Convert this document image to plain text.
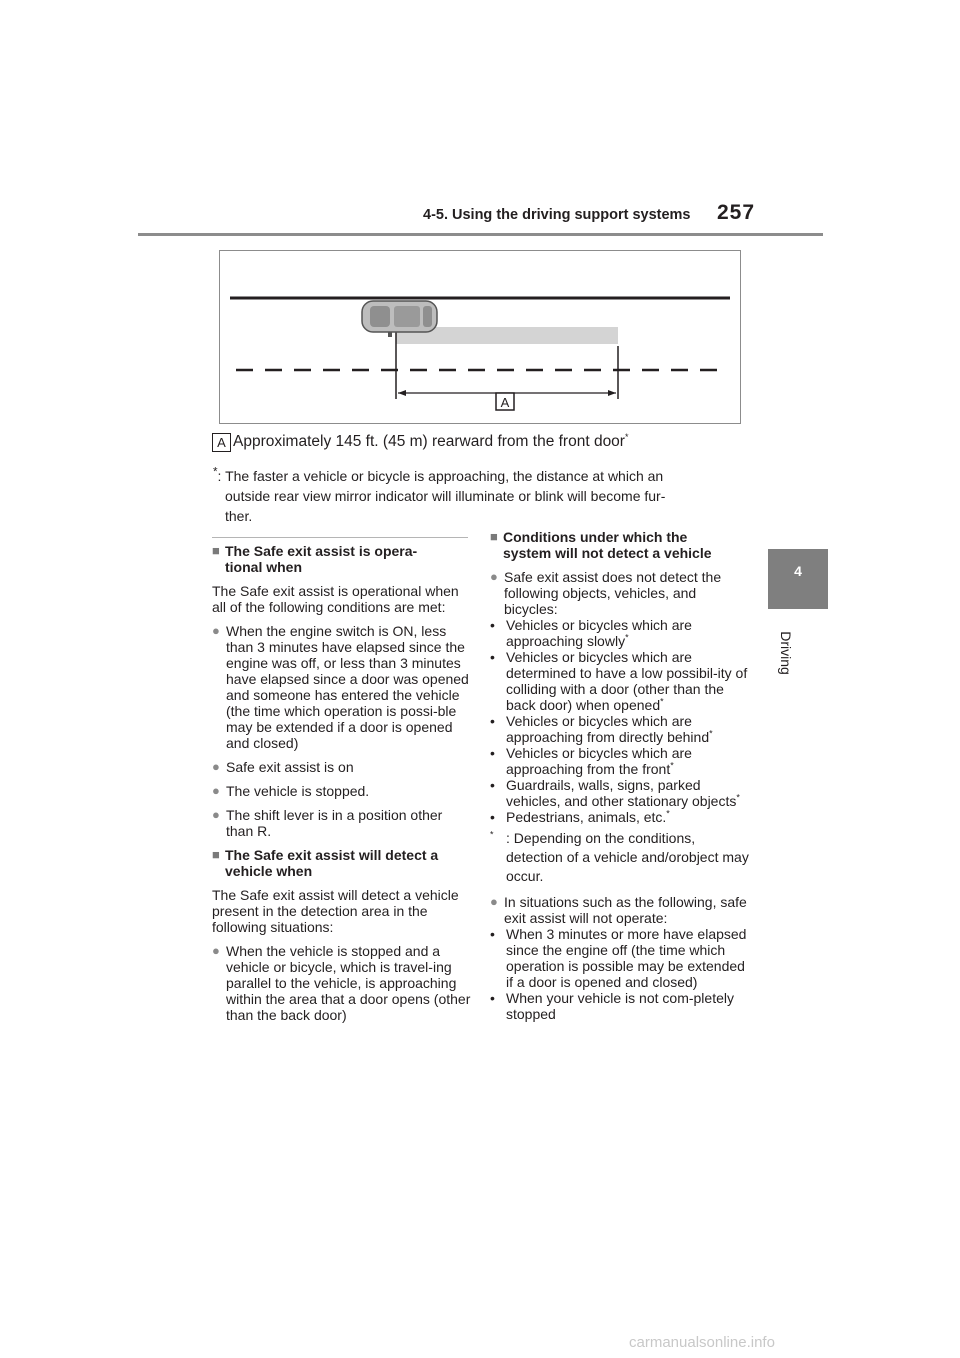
4-5. Using the driving support systems 257
4
Driving
A
A Approximately 145 ft. (45 m) rearward from the front door*
*: The faster a vehicle or bicycle is approaching, the distance at which an
outside rear view mirror indicator will illuminate or blink will become fur-
ther.
■ The Safe exit assist is opera-
tional when
The Safe exit assist is operational when all of the following conditions are met:
● When the engine switch is ON, less than 3 minutes have elapsed since the engine was off, or less than 3 minutes have elapsed since a door was opened and someone has entered the vehicle (the time which operation is possi-ble may be extended if a door is opened and closed)
● Safe exit assist is on
● The vehicle is stopped.
● The shift lever is in a position other than R.
■ The Safe exit assist will detect a
vehicle when
The Safe exit assist will detect a vehicle present in the detection area in the following situations:
● When the vehicle is stopped and a vehicle or bicycle, which is travel-ing parallel to the vehicle, is approaching within the area that a door opens (other than the back door)
■ Conditions under which the
system will not detect a vehicle
● Safe exit assist does not detect the following objects, vehicles, and bicycles:
• Vehicles or bicycles which are approaching slowly*
• Vehicles or bicycles which are determined to have a low possibil-ity of colliding with a door (other than the back door) when opened*
• Vehicles or bicycles which are approaching from directly behind*
• Vehicles or bicycles which are approaching from the front*
• Guardrails, walls, signs, parked vehicles, and other stationary objects*
• Pedestrians, animals, etc.*
* : Depending on the conditions, detection of a vehicle and/orobject may occur.
● In situations such as the following, safe exit assist will not operate:
• When 3 minutes or more have elapsed since the engine off (the time which operation is possible may be extended if a door is opened and closed)
• When your vehicle is not com-pletely stopped
carmanualsonline.info
